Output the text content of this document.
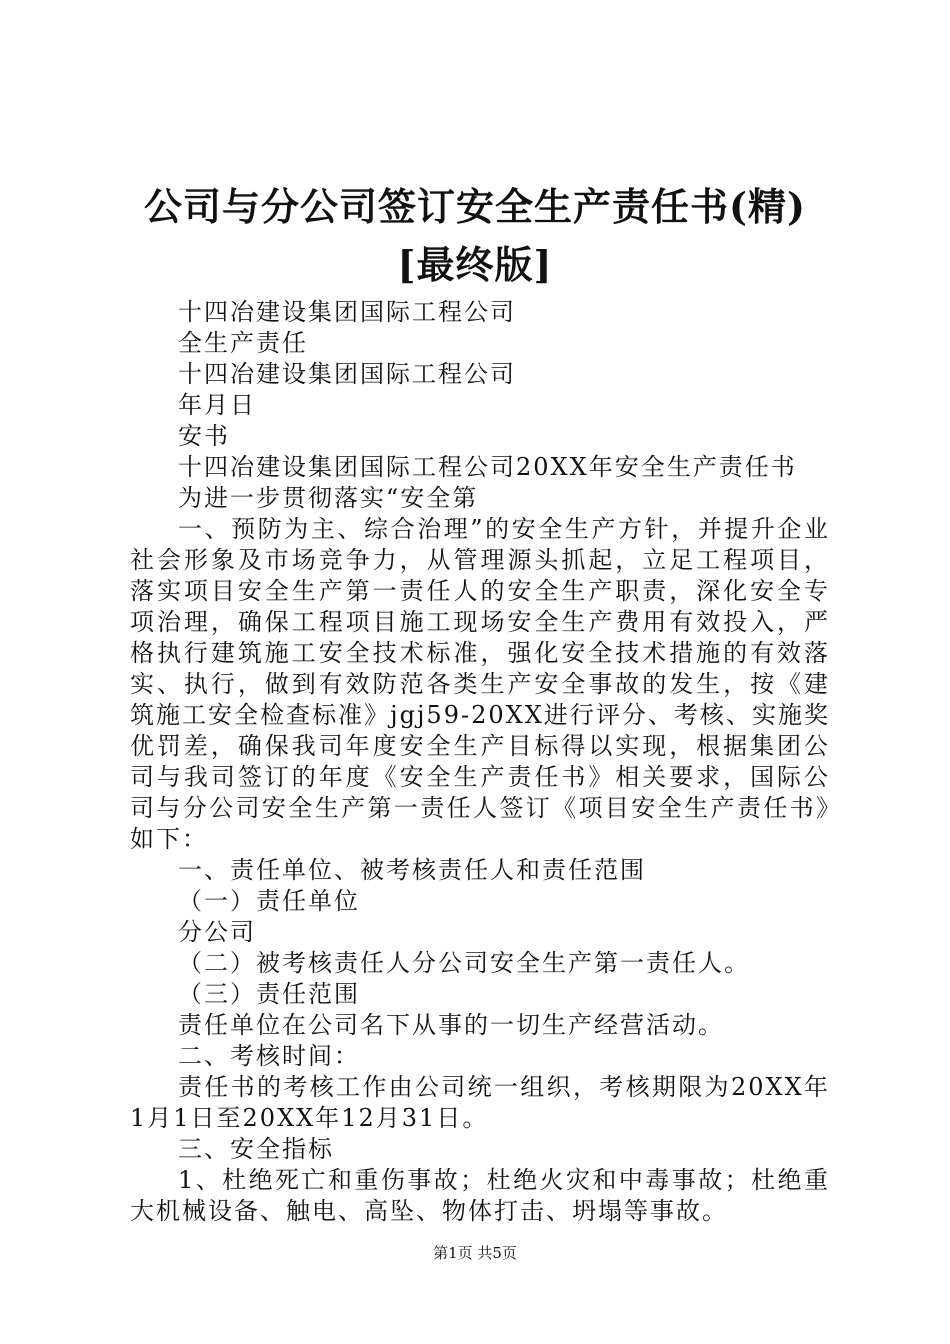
公司与分公司签订安全生产责任书(精)[最终版]

十四冶建设集团国际工程公司

全生产责任

十四冶建设集团国际工程公司

年月日

安书

十四冶建设集团国际工程公司20XX年安全生产责任书

为进一步贯彻落实“安全第

一、预防为主、综合治理”的安全生产方针，并提升企业社会形象及市场竞争力，从管理源头抓起，立足工程项目，落实项目安全生产第一责任人的安全生产职责，深化安全专项治理，确保工程项目施工现场安全生产费用有效投入，严格执行建筑施工安全技术标准，强化安全技术措施的有效落实、执行，做到有效防范各类生产安全事故的发生，按《建筑施工安全检查标准》jgj59-20XX进行评分、考核、实施奖优罚差，确保我司年度安全生产目标得以实现，根据集团公司与我司签订的年度《安全生产责任书》相关要求，国际公司与分公司安全生产第一责任人签订《项目安全生产责任书》如下：

一、责任单位、被考核责任人和责任范围

（一）责任单位

分公司

（二）被考核责任人分公司安全生产第一责任人。

（三）责任范围

责任单位在公司名下从事的一切生产经营活动。

二、考核时间：

责任书的考核工作由公司统一组织，考核期限为20XX年1月1日至20XX年12月31日。

三、安全指标

1、杜绝死亡和重伤事故；杜绝火灾和中毒事故；杜绝重大机械设备、触电、高坠、物体打击、坍塌等事故。

第1页 共5页
